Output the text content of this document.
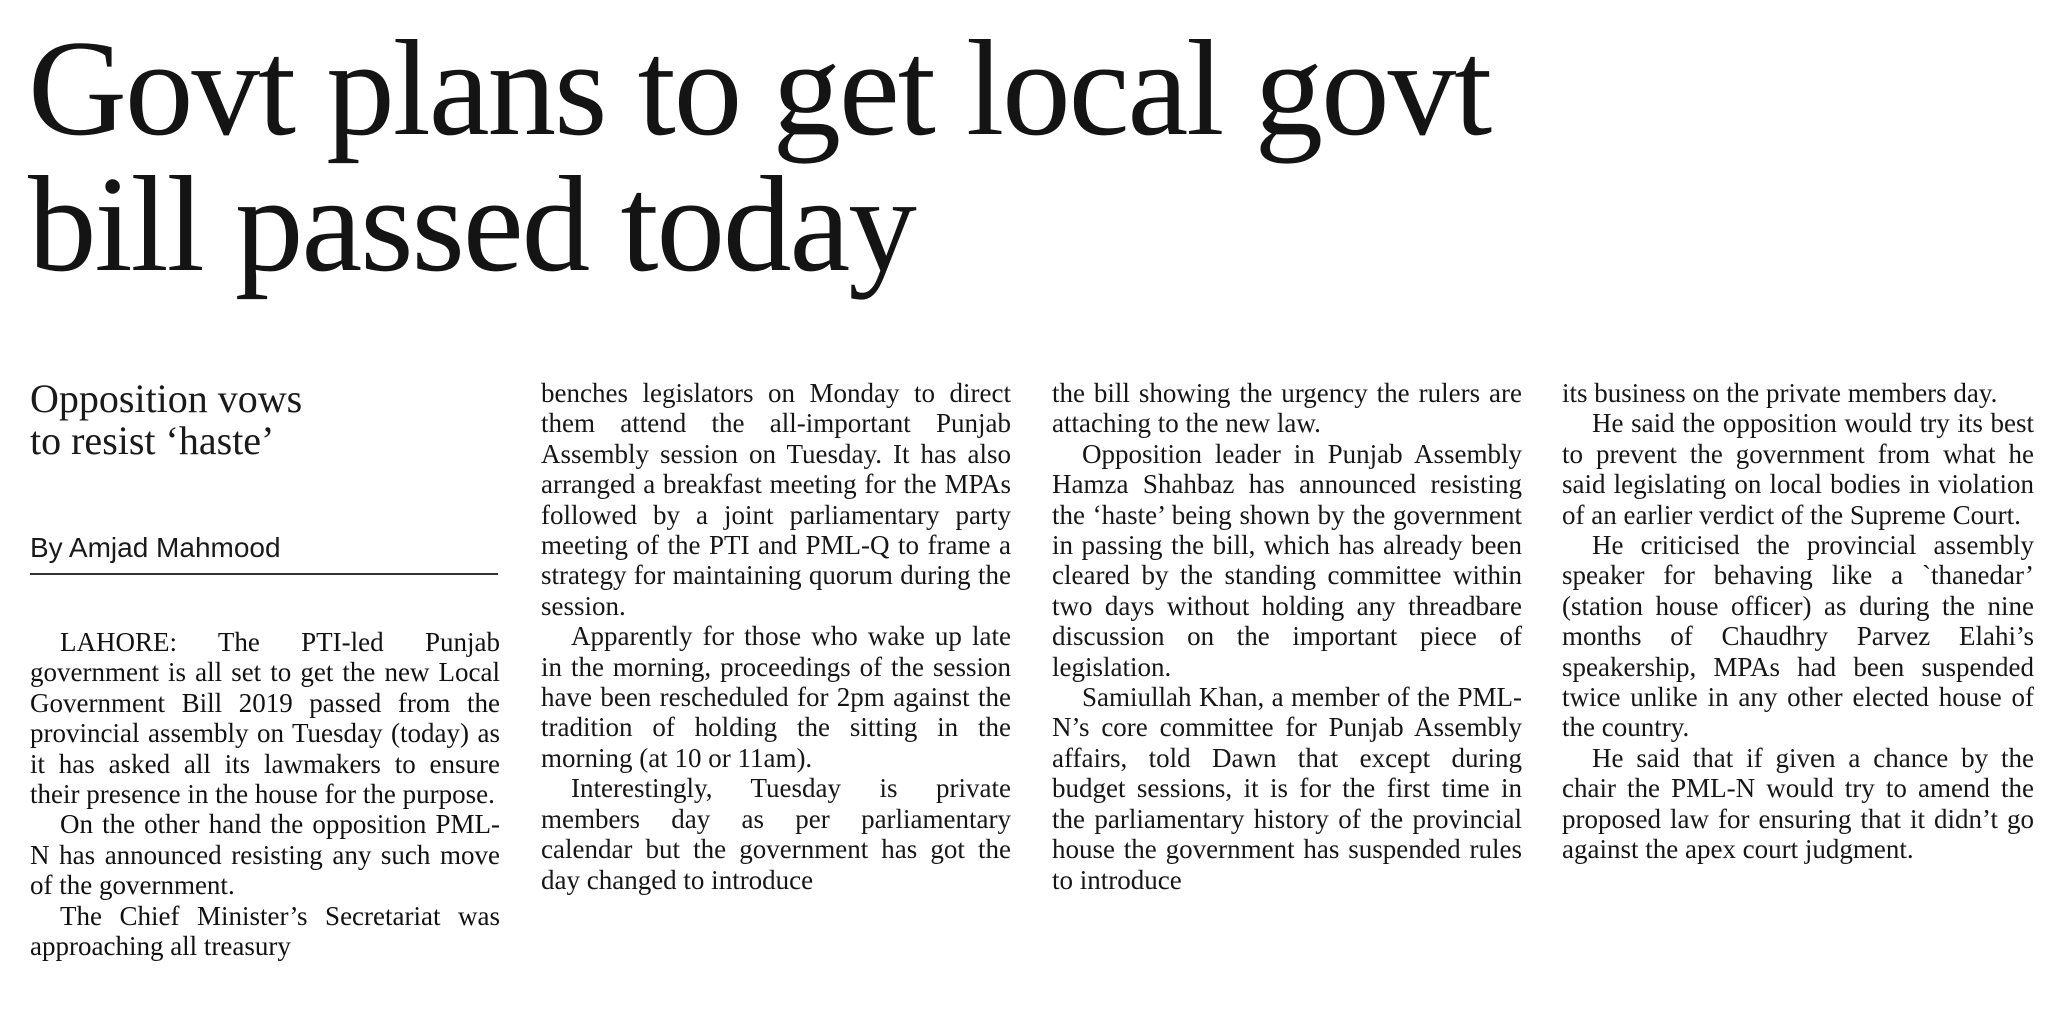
Govt plans to get local govt
bill passed today
Opposition vows
to resist ‘haste’
By Amjad Mahmood

LAHORE: The PTI-led Punjab government is all set to get the new Local Government Bill 2019 passed from the provincial assembly on Tuesday (today) as it has asked all its lawmakers to ensure their presence in the house for the purpose.

On the other hand the opposition PML-N has announced resisting any such move of the government.

The Chief Minister’s Secretariat was approaching all treasury

benches legislators on Monday to direct them attend the all-important Punjab Assembly session on Tuesday. It has also arranged a breakfast meeting for the MPAs followed by a joint parliamentary party meeting of the PTI and PML-Q to frame a strategy for maintaining quorum during the session.

Apparently for those who wake up late in the morning, proceedings of the session have been rescheduled for 2pm against the tradition of holding the sitting in the morning (at 10 or 11am).

Interestingly, Tuesday is private members day as per parliamentary calendar but the government has got the day changed to introduce

the bill showing the urgency the rulers are attaching to the new law.

Opposition leader in Punjab Assembly Hamza Shahbaz has announced resisting the ‘haste’ being shown by the government in passing the bill, which has already been cleared by the standing committee within two days without holding any threadbare discussion on the important piece of legislation.

Samiullah Khan, a member of the PML-N’s core committee for Punjab Assembly affairs, told Dawn that except during budget sessions, it is for the first time in the parliamentary history of the provincial house the government has suspended rules to introduce

its business on the private members day.

He said the opposition would try its best to prevent the government from what he said legislating on local bodies in violation of an earlier verdict of the Supreme Court.

He criticised the provincial assembly speaker for behaving like a `thanedar’ (station house officer) as during the nine months of Chaudhry Parvez Elahi’s speakership, MPAs had been suspended twice unlike in any other elected house of the country.

He said that if given a chance by the chair the PML-N would try to amend the proposed law for ensuring that it didn’t go against the apex court judgment.
